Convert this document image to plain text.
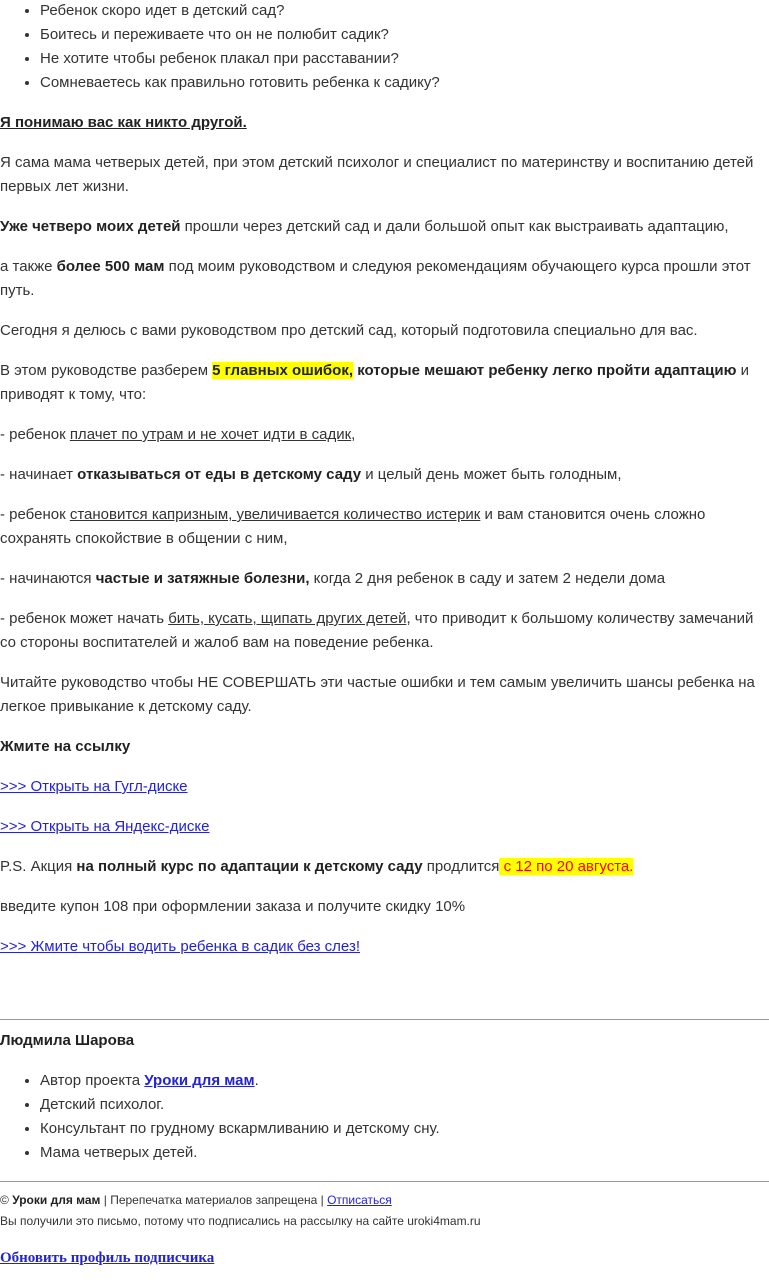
• Ребенок скоро идет в детский сад?
• Боитесь и переживаете что он не полюбит садик?
• Не хотите чтобы ребенок плакал при расставании?
• Сомневаетесь как правильно готовить ребенка к садику?

Я понимаю вас как никто другой.

Я сама мама четверых детей, при этом детский психолог и специалист по материнству и воспитанию детей первых лет жизни.

Уже четверо моих детей прошли через детский сад и дали большой опыт как выстраивать адаптацию,

а также более 500 мам под моим руководством и следуюя рекомендациям обучающего курса прошли этот путь.

Сегодня я делюсь с вами руководством про детский сад, который подготовила специально для вас.

В этом руководстве разберем 5 главных ошибок, которые мешают ребенку легко пройти адаптацию и приводят к тому, что:

- ребенок плачет по утрам и не хочет идти в садик,

- начинает отказываться от еды в детскому саду и целый день может быть голодным,

- ребенок становится капризным, увеличивается количество истерик и вам становится очень сложно сохранять спокойствие в общении с ним,

- начинаются частые и затяжные болезни, когда 2 дня ребенок в саду и затем 2 недели дома

- ребенок может начать бить, кусать, щипать других детей, что приводит к большому количеству замечаний со стороны воспитателей и жалоб вам на поведение ребенка.

Читайте руководство чтобы НЕ СОВЕРШАТЬ эти частые ошибки и тем самым увеличить шансы ребенка на легкое привыкание к детскому саду.

Жмите на ссылку

>>> Открыть на Гугл-диске

>>> Открыть на Яндекс-диске

P.S. Акция на полный курс по адаптации к детскому саду продлится с 12 по 20 августа.

введите купон 108 при оформлении заказа и получите скидку 10%

>>> Жмите чтобы водить ребенка в садик без слез!

Людмила Шарова

• Автор проекта Уроки для мам.
• Детский психолог.
• Консультант по грудному вскармливанию и детскому сну.
• Мама четверых детей.
© Уроки для мам | Перепечатка материалов запрещена | Отписаться
Вы получили это письмо, потому что подписались на рассылку на сайте uroki4mam.ru
Обновить профиль подписчика
